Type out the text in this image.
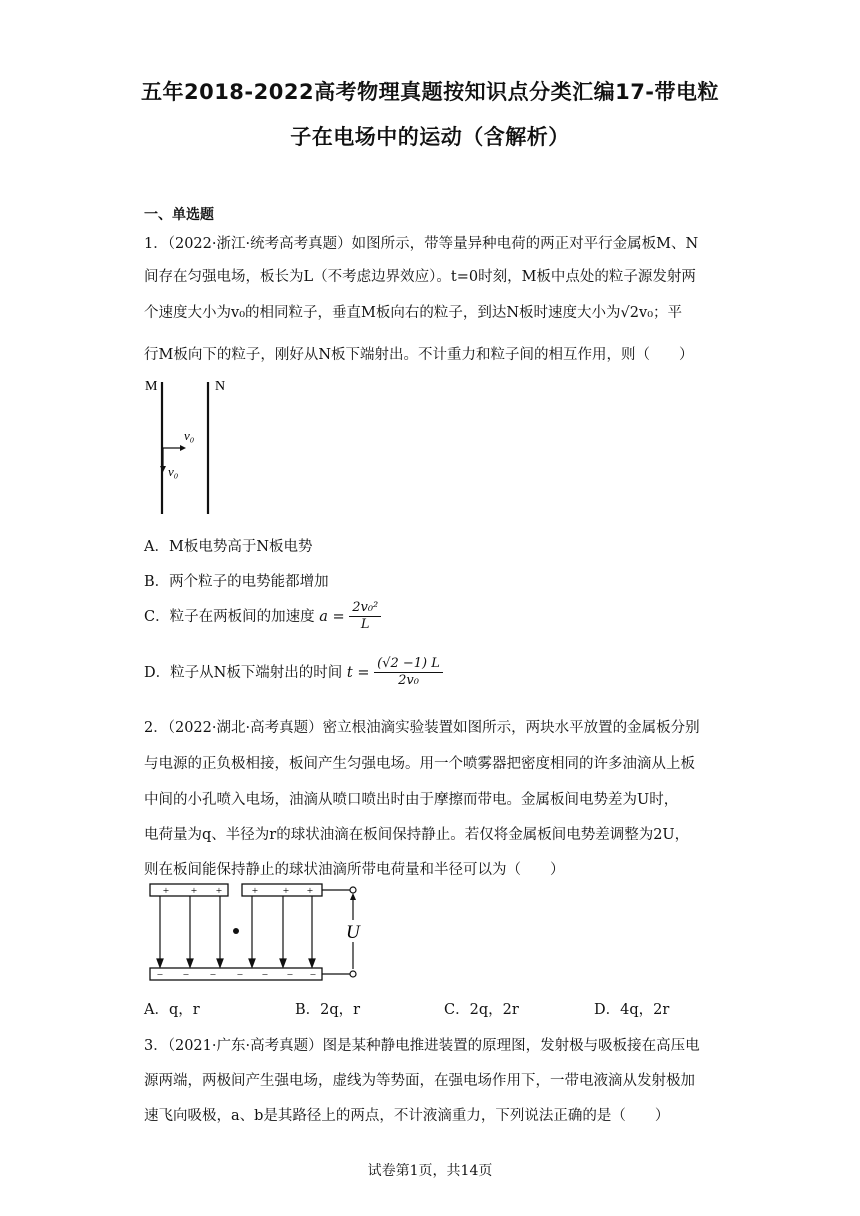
五年2018-2022高考物理真题按知识点分类汇编17-带电粒
子在电场中的运动（含解析）
一、单选题
1．（2022·浙江·统考高考真题）如图所示，带等量异种电荷的两正对平行金属板M、N
间存在匀强电场，板长为L（不考虑边界效应）。t=0时刻，M板中点处的粒子源发射两
个速度大小为v₀的相同粒子，垂直M板向右的粒子，到达N板时速度大小为√2v₀；平
行M板向下的粒子，刚好从N板下端射出。不计重力和粒子间的相互作用，则（　　）
M	N
v₀
v₀
A．M板电势高于N板电势
B．两个粒子的电势能都增加
C．粒子在两板间的加速度 $a = \frac{\text{2v₀²}}{L}$
D．粒子从N板下端射出的时间 $t = \frac{(√2 -1) L}{\text{2v₀}}$
2．（2022·湖北·高考真题）密立根油滴实验装置如图所示，两块水平放置的金属板分别
与电源的正负极相接，板间产生匀强电场。用一个喷雾器把密度相同的许多油滴从上板
中间的小孔喷入电场，油滴从喷口喷出时由于摩擦而带电。金属板间电势差为U时，
电荷量为q、半径为r的球状油滴在板间保持静止。若仅将金属板间电势差调整为2U，
则在板间能保持静止的球状油滴所带电荷量和半径可以为（　　）
+ + +	+ + +
− − − − − − −
U
A．q，r	B．2q，r	C．2q，2r	D．4q，2r
3．（2021·广东·高考真题）图是某种静电推进装置的原理图，发射极与吸板接在高压电
源两端，两极间产生强电场，虚线为等势面，在强电场作用下，一带电液滴从发射极加
速飞向吸极，a、b是其路径上的两点，不计液滴重力，下列说法正确的是（　　）
试卷第1页，共14页
